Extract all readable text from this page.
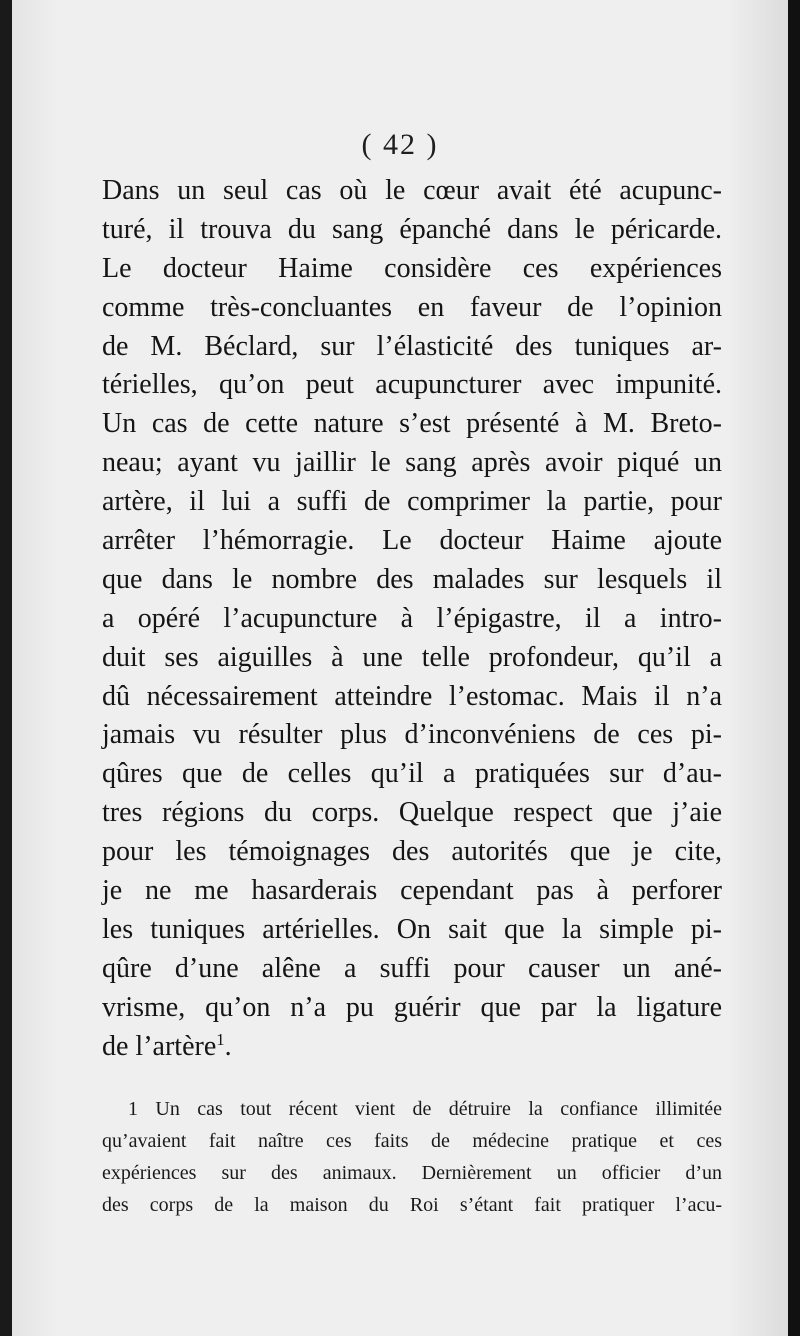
( 42 )
Dans un seul cas où le cœur avait été acupunc-
turé, il trouva du sang épanché dans le péricarde.
Le docteur Haime considère ces expériences
comme très-concluantes en faveur de l’opinion
de M. Béclard, sur l’élasticité des tuniques ar-
térielles, qu’on peut acupuncturer avec impunité.
Un cas de cette nature s’est présenté à M. Breto-
neau; ayant vu jaillir le sang après avoir piqué un
artère, il lui a suffi de comprimer la partie, pour
arrêter l’hémorragie. Le docteur Haime ajoute
que dans le nombre des malades sur lesquels il
a opéré l’acupuncture à l’épigastre, il a intro-
duit ses aiguilles à une telle profondeur, qu’il a
dû nécessairement atteindre l’estomac. Mais il n’a
jamais vu résulter plus d’inconvéniens de ces pi-
qûres que de celles qu’il a pratiquées sur d’au-
tres régions du corps. Quelque respect que j’aie
pour les témoignages des autorités que je cite,
je ne me hasarderais cependant pas à perforer
les tuniques artérielles. On sait que la simple pi-
qûre d’une alêne a suffi pour causer un ané-
vrisme, qu’on n’a pu guérir que par la ligature
de l’artère$^1$.
1 Un cas tout récent vient de détruire la confiance illimitée
qu’avaient fait naître ces faits de médecine pratique et ces
expériences sur des animaux. Dernièrement un officier d’un
des corps de la maison du Roi s’étant fait pratiquer l’acu-
